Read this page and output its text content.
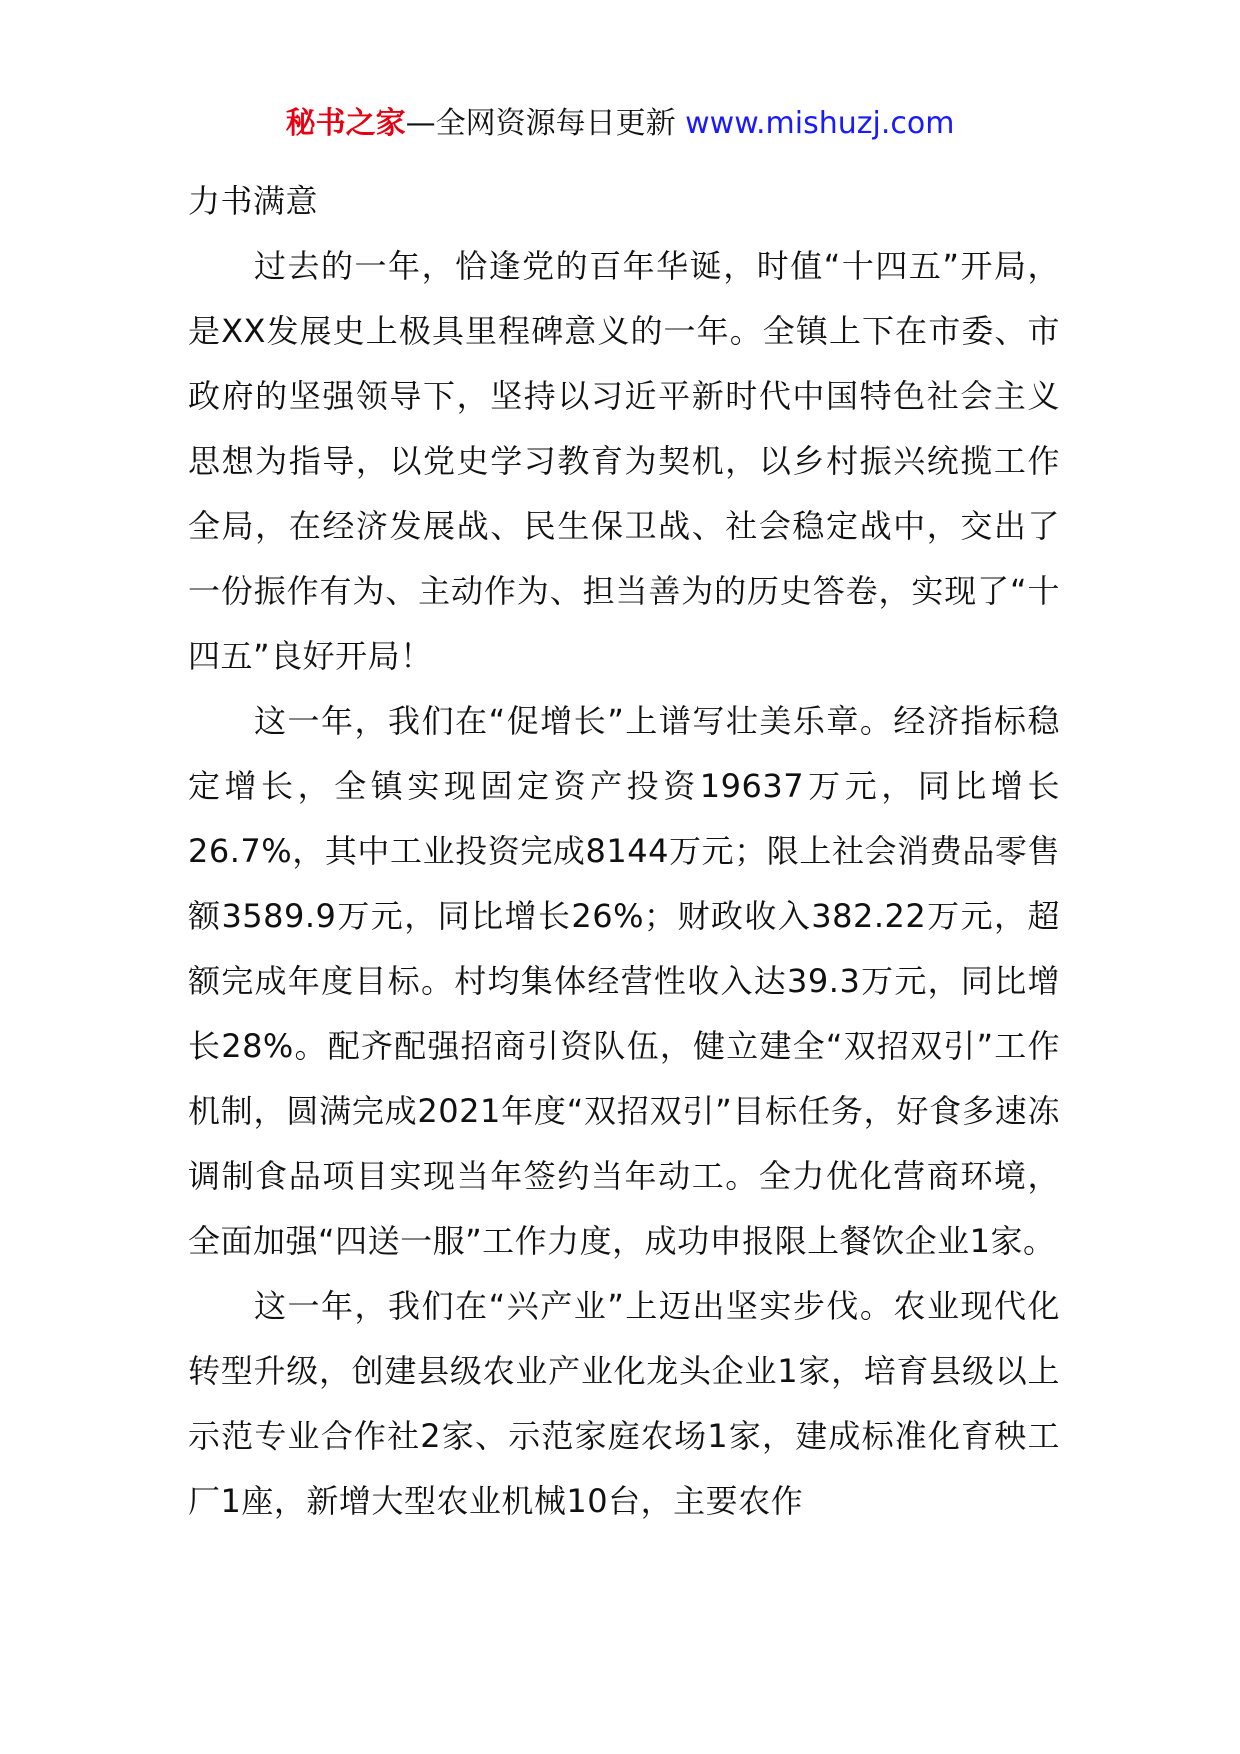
秘书之家—全网资源每日更新 www.mishuzj.com

力书满意

过去的一年，恰逢党的百年华诞，时值“十四五”开局，是XX发展史上极具里程碑意义的一年。全镇上下在市委、市政府的坚强领导下，坚持以习近平新时代中国特色社会主义思想为指导，以党史学习教育为契机，以乡村振兴统揽工作全局，在经济发展战、民生保卫战、社会稳定战中，交出了一份振作有为、主动作为、担当善为的历史答卷，实现了“十四五”良好开局！

这一年，我们在“促增长”上谱写壮美乐章。经济指标稳定增长，全镇实现固定资产投资19637万元，同比增长26.7%，其中工业投资完成8144万元；限上社会消费品零售额3589.9万元，同比增长26%；财政收入382.22万元，超额完成年度目标。村均集体经营性收入达39.3万元，同比增长28%。配齐配强招商引资队伍，健立建全“双招双引”工作机制，圆满完成2021年度“双招双引”目标任务，好食多速冻调制食品项目实现当年签约当年动工。全力优化营商环境，全面加强“四送一服”工作力度，成功申报限上餐饮企业1家。

这一年，我们在“兴产业”上迈出坚实步伐。农业现代化转型升级，创建县级农业产业化龙头企业1家，培育县级以上示范专业合作社2家、示范家庭农场1家，建成标准化育秧工厂1座，新增大型农业机械10台，主要农作
